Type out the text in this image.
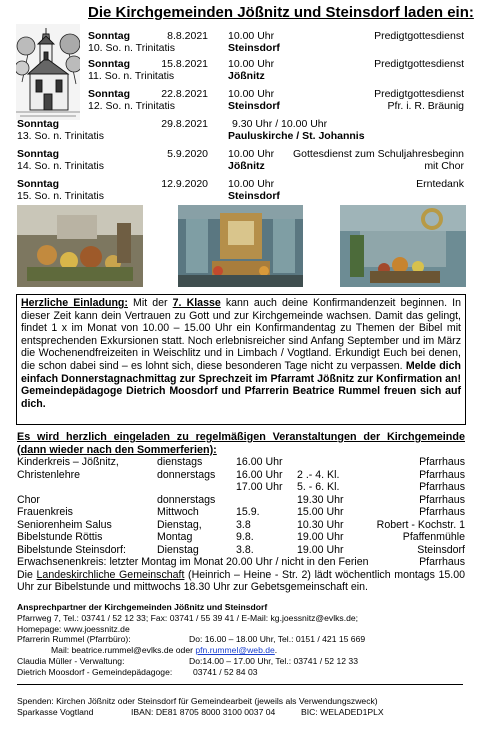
Die Kirchgemeinden Jößnitz und Steinsdorf laden ein:
Sonntag	8.8.2021
10. So. n. Trinitatis
10.00 Uhr
Steinsdorf
Predigtgottesdienst
Sonntag	15.8.2021
11. So. n. Trinitatis
10.00 Uhr
Jößnitz
Predigtgottesdienst
Sonntag	22.8.2021
12. So. n. Trinitatis
10.00 Uhr
Steinsdorf
Predigtgottesdienst
Pfr. i. R. Bräunig
Sonntag	29.8.2021
13. So. n. Trinitatis
9.30 Uhr / 10.00 Uhr
Pauluskirche / St. Johannis
Sonntag	5.9.2020
14. So. n. Trinitatis
10.00 Uhr
Jößnitz
Gottesdienst zum Schuljahresbeginn
mit Chor
Sonntag	12.9.2020
15. So. n. Trinitatis
10.00 Uhr
Steinsdorf
Erntedank

Herzliche Einladung: Mit der 7. Klasse kann auch deine Konfirmandenzeit beginnen. In dieser Zeit kann dein Vertrauen zu Gott und zur Kirchgemeinde wachsen. Damit das gelingt, findet 1 x im Monat von 10.00 – 15.00 Uhr ein Konfirmandentag zu Themen der Bibel mit entsprechenden Exkursionen statt. Noch erlebnisreicher sind Anfang September und im März die Wochenendfreizeiten in Weischlitz und in Limbach / Vogtland. Erkundigt Euch bei denen, die schon dabei sind – es lohnt sich, diese besonderen Tage nicht zu verpassen. Melde dich einfach Donnerstagnachmittag zur Sprechzeit im Pfarramt Jößnitz zur Konfirmation an! Gemeindepädagoge Dietrich Moosdorf und Pfarrerin Beatrice Rummel freuen sich auf dich.

Es wird herzlich eingeladen zu regelmäßigen Veranstaltungen der Kirchgemeinde (dann wieder nach den Sommerferien):
Kinderkreis – Jößnitz,	dienstags	16.00 Uhr	Pfarrhaus
Christenlehre	donnerstags 16.00 Uhr 2 .- 4. Kl.	Pfarrhaus
17.00 Uhr 5. - 6. Kl.	Pfarrhaus
Chor	donnerstags	19.30 Uhr	Pfarrhaus
Frauenkreis	Mittwoch	15.9.	15.00 Uhr	Pfarrhaus
Seniorenheim Salus	Dienstag,	3.8	10.30 Uhr	Robert - Kochstr. 1
Bibelstunde Röttis	Montag	9.8.	19.00 Uhr	Pfaffenmühle
Bibelstunde Steinsdorf:	Dienstag	3.8.	19.00 Uhr	Steinsdorf
Erwachsenenkreis: letzter Montag im Monat 20.00 Uhr / nicht in den Ferien	Pfarrhaus
Die Landeskirchliche Gemeinschaft (Heinrich – Heine - Str. 2) lädt wöchentlich montags 15.00 Uhr zur Bibelstunde und mittwochs 18.30 Uhr zur Gebetsgemeinschaft ein.
Ansprechpartner der Kirchgemeinden Jößnitz und Steinsdorf
Pfarrweg 7, Tel.: 03741 / 52 12 33; Fax: 03741 / 55 39 41 / E-Mail: kg.joessnitz@evlks.de;
Homepage: www.joessnitz.de
Pfarrerin Rummel (Pfarrbüro):	Do: 16.00 – 18.00 Uhr, Tel.: 0151 / 421 15 669
Mail: beatrice.rummel@evlks.de oder pfn.rummel@web.de.
Claudia Müller - Verwaltung:	Do:14.00 – 17.00 Uhr, Tel.: 03741 / 52 12 33
Dietrich Moosdorf - Gemeindepädagoge: 03741 / 52 84 03
Spenden: Kirchen Jößnitz oder Steinsdorf für Gemeindearbeit (jeweils als Verwendungszweck)
Sparkasse Vogtland	IBAN: DE81 8705 8000 3100 0037 04	BIC: WELADED1PLX
